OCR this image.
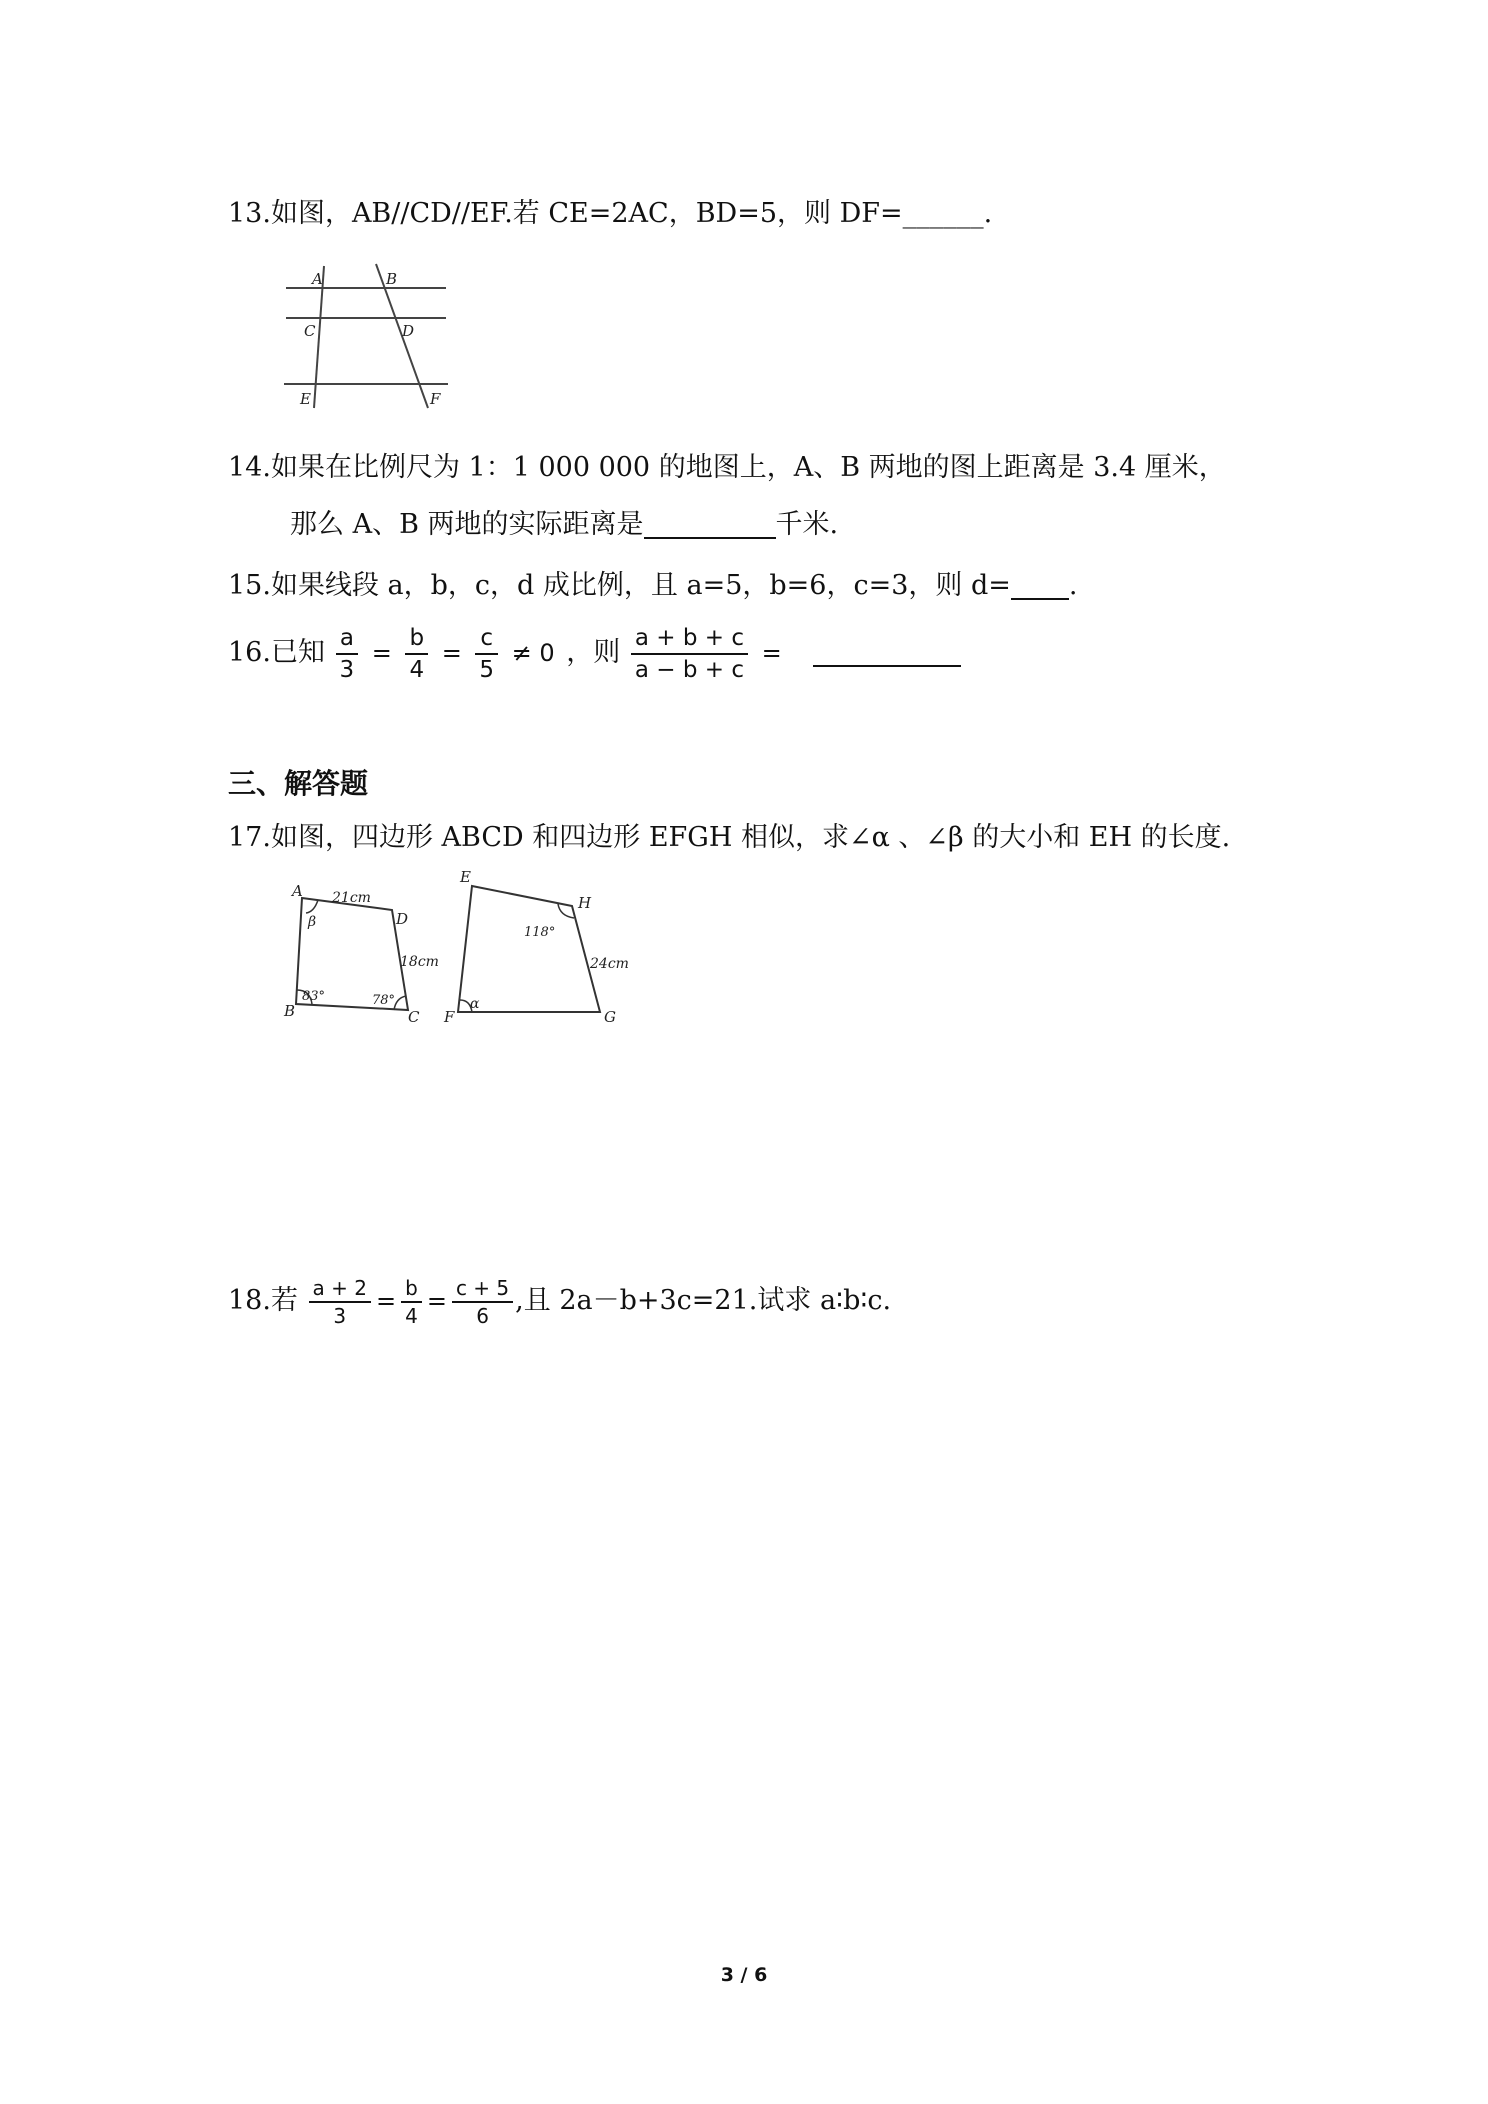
13.如图，AB//CD//EF.若 CE=2AC，BD=5，则 DF=______.
A	B
C	D
E	F
14.如果在比例尺为 1：1 000 000 的地图上，A、B 两地的图上距离是 3.4 厘米，
那么 A、B 两地的实际距离是	千米.
15.如果线段 a，b，c，d 成比例，且 a=5，b=6，c=3，则 d= .
16.已知 $\frac{a}{3} = \frac{b}{4} = \frac{c}{5} \ne 0$ ，则 $\frac{a + b + c}{a - b + c}$ =
三、解答题
17.如图，四边形 ABCD 和四边形 EFGH 相似，求∠α 、∠β 的大小和 EH 的长度.
A
B	C
D
21cm
18cm
β
83°	78°
E
F	G
H
118°
24cm
α
18.若 $\frac{a + 2}{3} = \frac{b}{4} = \frac{c + 5}{6}$ ,且 2a－b+3c=21.试求 a∶b∶c.
3 / 6
